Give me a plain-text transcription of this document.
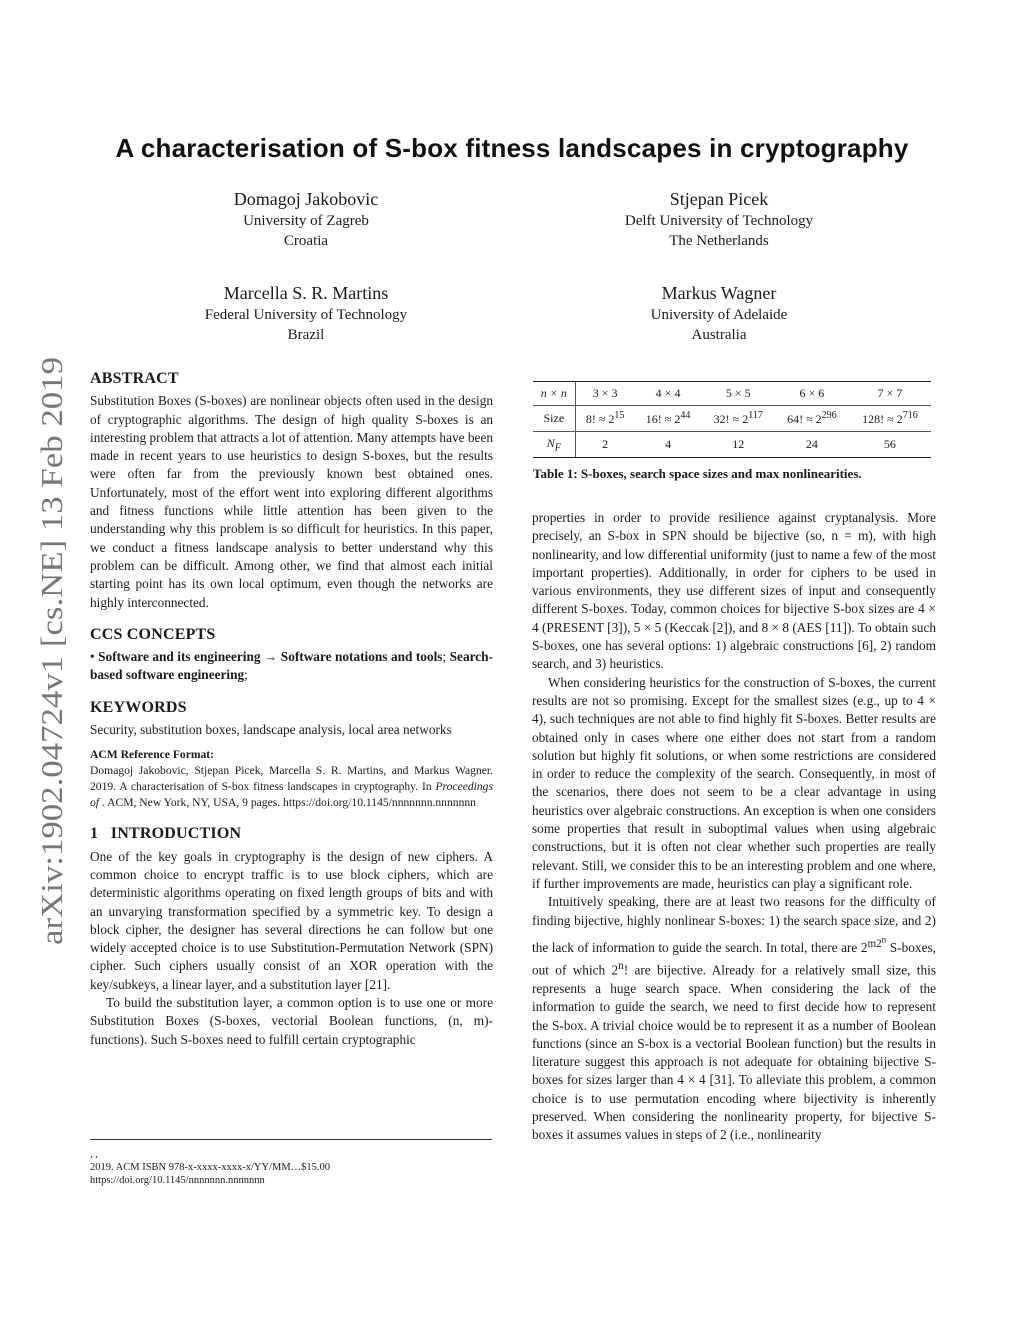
arXiv:1902.04724v1 [cs.NE] 13 Feb 2019
A characterisation of S-box fitness landscapes in cryptography
Domagoj Jakobovic
University of Zagreb
Croatia
Stjepan Picek
Delft University of Technology
The Netherlands
Marcella S. R. Martins
Federal University of Technology
Brazil
Markus Wagner
University of Adelaide
Australia
ABSTRACT

Substitution Boxes (S-boxes) are nonlinear objects often used in the design of cryptographic algorithms. The design of high quality S-boxes is an interesting problem that attracts a lot of attention. Many attempts have been made in recent years to use heuristics to design S-boxes, but the results were often far from the previously known best obtained ones. Unfortunately, most of the effort went into exploring different algorithms and fitness functions while little attention has been given to the understanding why this problem is so difficult for heuristics. In this paper, we conduct a fitness landscape analysis to better understand why this problem can be difficult. Among other, we find that almost each initial starting point has its own local optimum, even though the networks are highly interconnected.

CCS CONCEPTS

• Software and its engineering → Software notations and tools; Search-based software engineering;

KEYWORDS

Security, substitution boxes, landscape analysis, local area networks

ACM Reference Format:

Domagoj Jakobovic, Stjepan Picek, Marcella S. R. Martins, and Markus Wagner. 2019. A characterisation of S-box fitness landscapes in cryptography. In Proceedings of . ACM, New York, NY, USA, 9 pages. https://doi.org/10.1145/nnnnnnn.nnnnnnn

1   INTRODUCTION

One of the key goals in cryptography is the design of new ciphers. A common choice to encrypt traffic is to use block ciphers, which are deterministic algorithms operating on fixed length groups of bits and with an unvarying transformation specified by a symmetric key. To design a block cipher, the designer has several directions he can follow but one widely accepted choice is to use Substitution-Permutation Network (SPN) cipher. Such ciphers usually consist of an XOR operation with the key/subkeys, a linear layer, and a substitution layer [21].

To build the substitution layer, a common option is to use one or more Substitution Boxes (S-boxes, vectorial Boolean functions, (n, m)-functions). Such S-boxes need to fulfill certain cryptographic

, ,
2019. ACM ISBN 978-x-xxxx-xxxx-x/YY/MM…$15.00
https://doi.org/10.1145/nnnnnnn.nnnnnnn
n × n	3 × 3	4 × 4	5 × 5	6 × 6	7 × 7
Size	8! ≈ $2^{15}$	16! ≈ $2^{44}$	32! ≈ $2^{117}$	64! ≈ $2^{296}$	128! ≈ $2^{716}$
$N_F$	2	4	12	24	56
Table 1: S-boxes, search space sizes and max nonlinearities.

properties in order to provide resilience against cryptanalysis. More precisely, an S-box in SPN should be bijective (so, n = m), with high nonlinearity, and low differential uniformity (just to name a few of the most important properties). Additionally, in order for ciphers to be used in various environments, they use different sizes of input and consequently different S-boxes. Today, common choices for bijective S-box sizes are 4 × 4 (PRESENT [3]), 5 × 5 (Keccak [2]), and 8 × 8 (AES [11]). To obtain such S-boxes, one has several options: 1) algebraic constructions [6], 2) random search, and 3) heuristics.

When considering heuristics for the construction of S-boxes, the current results are not so promising. Except for the smallest sizes (e.g., up to 4 × 4), such techniques are not able to find highly fit S-boxes. Better results are obtained only in cases where one either does not start from a random solution but highly fit solutions, or when some restrictions are considered in order to reduce the complexity of the search. Consequently, in most of the scenarios, there does not seem to be a clear advantage in using heuristics over algebraic constructions. An exception is when one considers some properties that result in suboptimal values when using algebraic constructions, but it is often not clear whether such properties are really relevant. Still, we consider this to be an interesting problem and one where, if further improvements are made, heuristics can play a significant role.

Intuitively speaking, there are at least two reasons for the difficulty of finding bijective, highly nonlinear S-boxes: 1) the search space size, and 2) the lack of information to guide the search. In total, there are $2^{m2^n}$ S-boxes, out of which 2$^n$! are bijective. Already for a relatively small size, this represents a huge search space. When considering the lack of the information to guide the search, we need to first decide how to represent the S-box. A trivial choice would be to represent it as a number of Boolean functions (since an S-box is a vectorial Boolean function) but the results in literature suggest this approach is not adequate for obtaining bijective S-boxes for sizes larger than 4 × 4 [31]. To alleviate this problem, a common choice is to use permutation encoding where bijectivity is inherently preserved. When considering the nonlinearity property, for bijective S-boxes it assumes values in steps of 2 (i.e., nonlinearity
